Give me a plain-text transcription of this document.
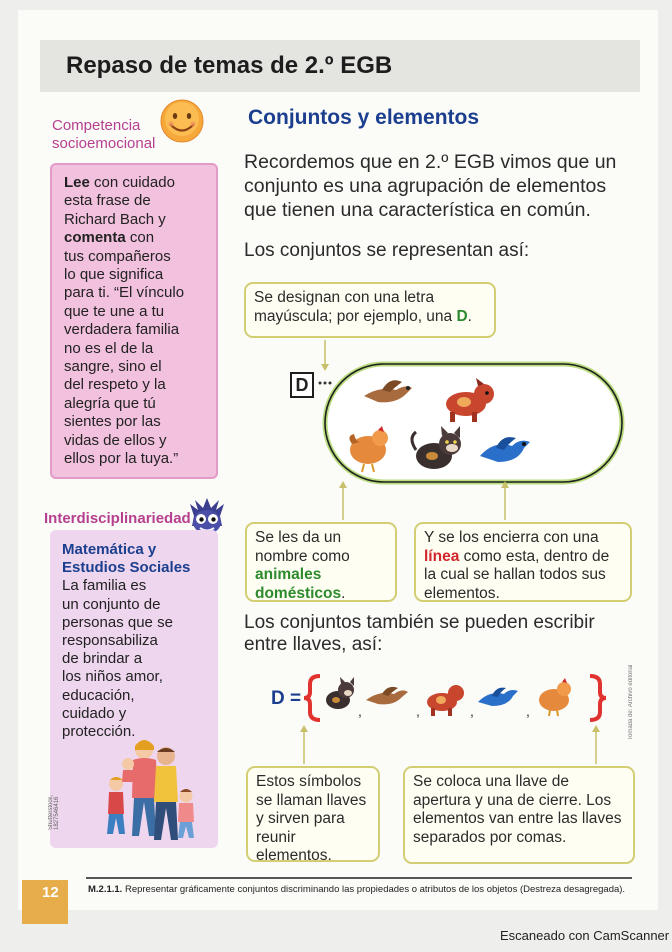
Repaso de temas de 2.º EGB
Competencia
socioemocional
Lee con cuidado
esta frase de
Richard Bach y
comenta con
tus compañeros
lo que significa
para ti. “El vínculo
que te une a tu
verdadera familia
no es el de la
sangre, sino el
del respeto y la
alegría que tú
sientes por las
vidas de ellos y
ellos por la tuya.”
Interdisciplinariedad
Matemática y
Estudios Sociales
La familia es
un conjunto de
personas que se
responsabiliza
de brindar a
los niños amor,
educación,
cuidado y
protección.
Shutterstock, 1827546416
Conjuntos y elementos
Recordemos que en 2.º EGB vimos que un
conjunto es una agrupación de elementos
que tienen una característica en común.
Los conjuntos se representan así:
Se designan con una letra mayúscula; por ejemplo, una D.
,	,	,	,
D
Se les da un nombre como animales domésticos.
Y se los encierra con una línea como esta, dentro de la cual se hallan todos sus elementos.
Los conjuntos también se pueden escribir
entre llaves, así:
D =
Estos símbolos se llaman llaves y sirven para reunir elementos.
Se coloca una llave de apertura y una de cierre. Los elementos van entre las llaves separados por comas.
Tomada de: Archivo editorial
12	M.2.1.1. Representar gráficamente conjuntos discriminando las propiedades o atributos de los objetos (Destreza desagregada).
Escaneado con CamScanner
